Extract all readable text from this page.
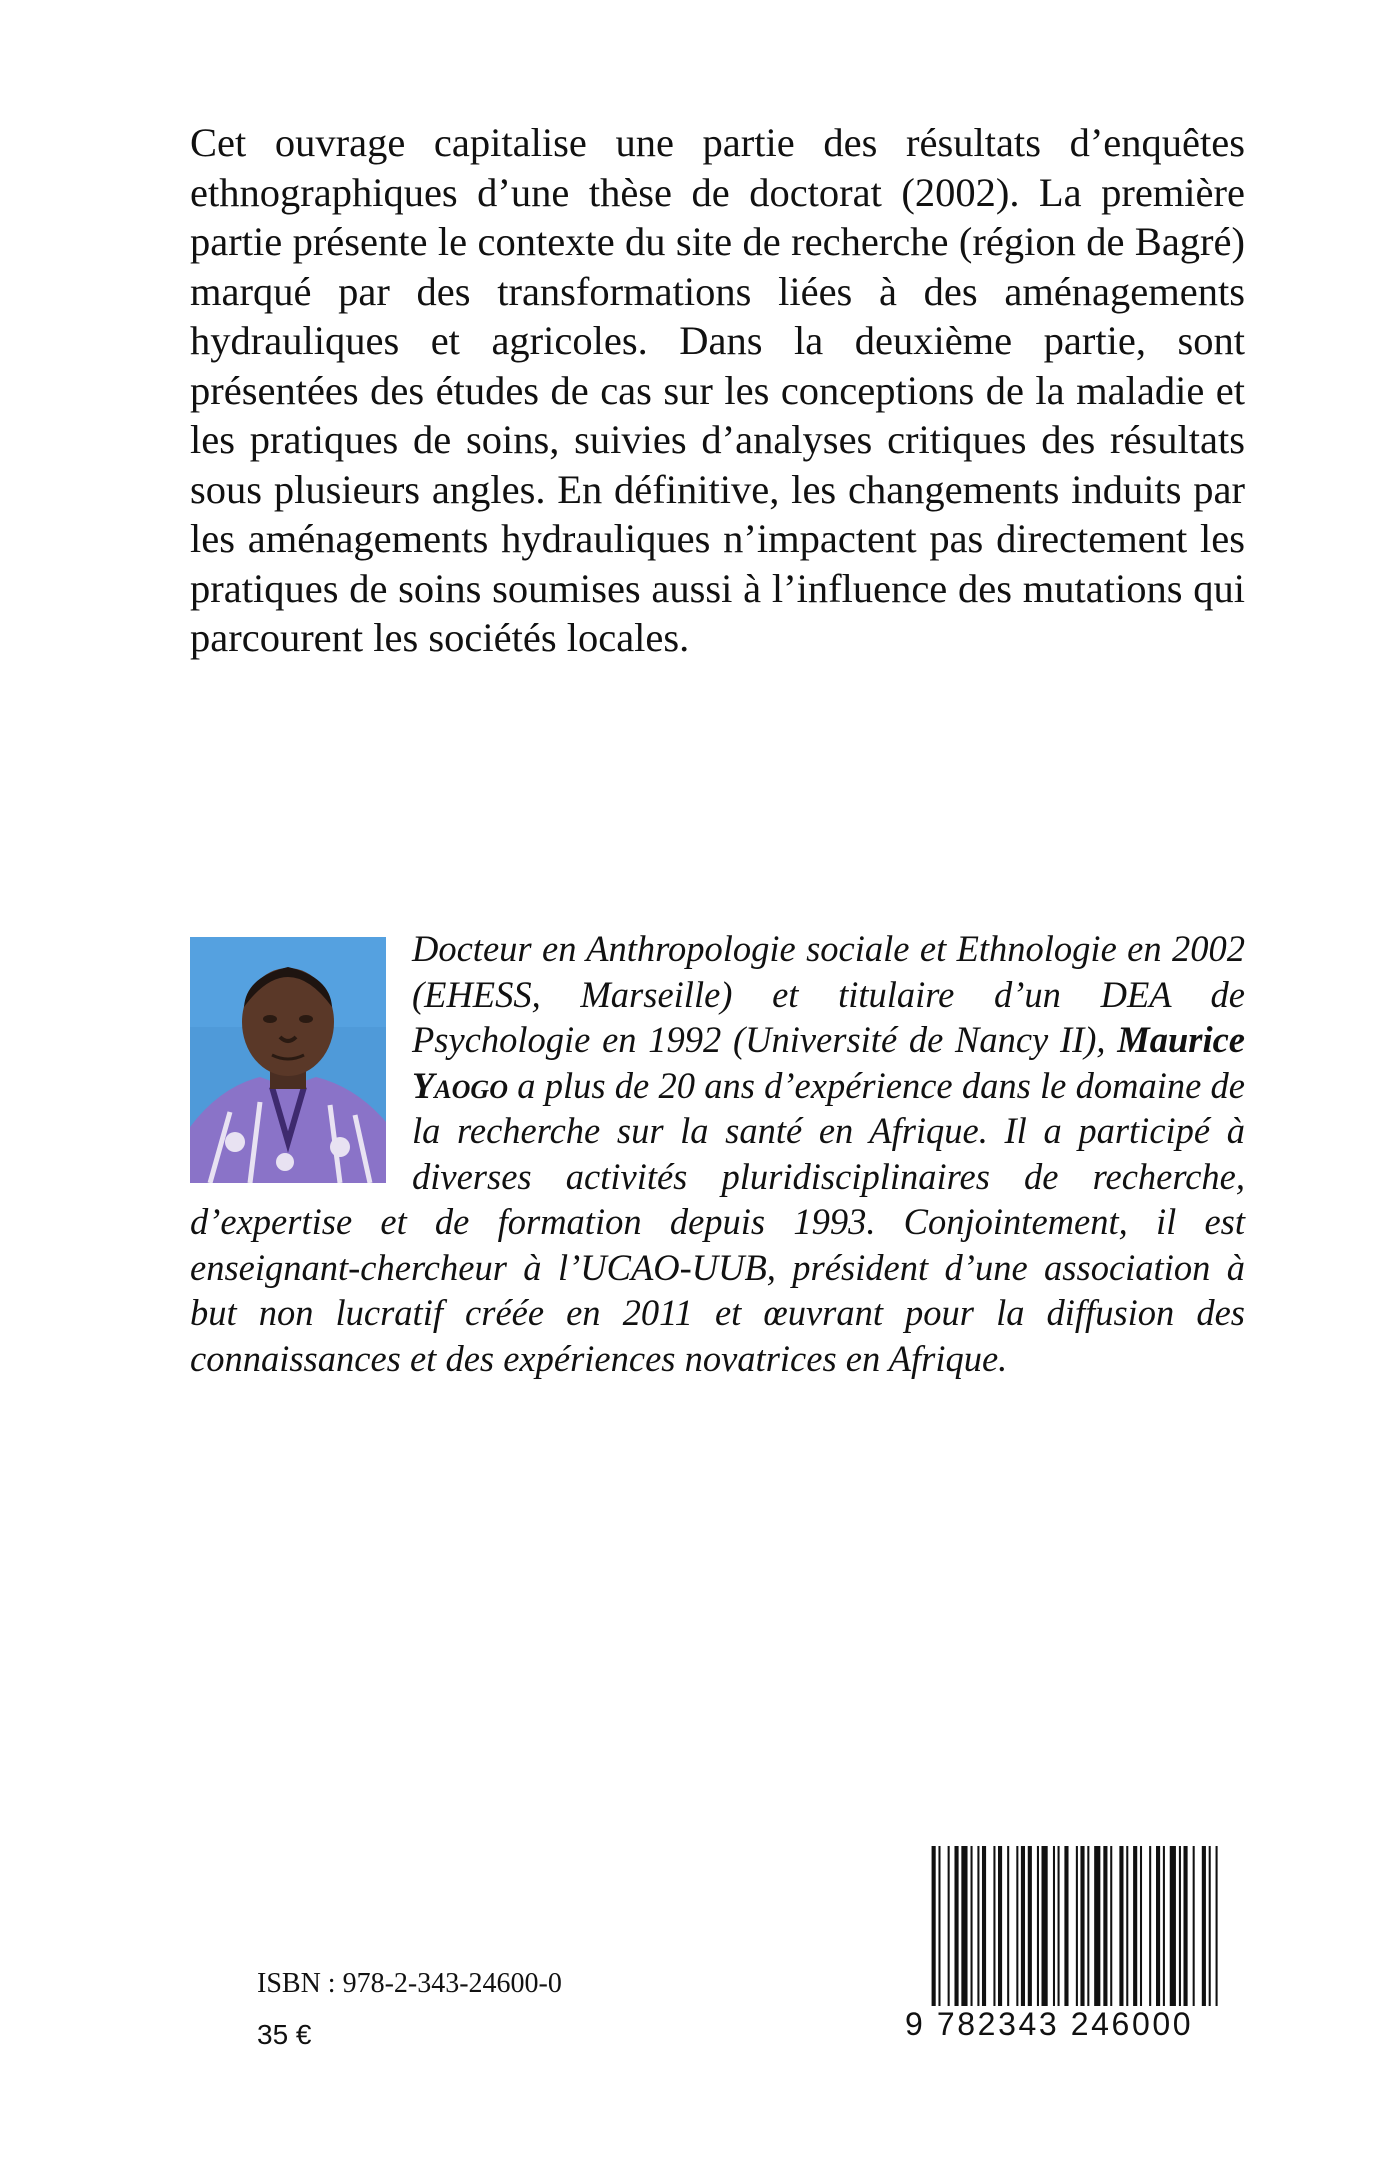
Cet ouvrage capitalise une partie des résultats d’enquêtes ethnographiques d’une thèse de doctorat (2002). La première partie présente le contexte du site de recherche (région de Bagré) marqué par des transformations liées à des aménagements hydrauliques et agricoles. Dans la deuxième partie, sont présentées des études de cas sur les conceptions de la maladie et les pratiques de soins, suivies d’analyses critiques des résultats sous plusieurs angles. En définitive, les changements induits par les aménagements hydrauliques n’impactent pas directement les pratiques de soins soumises aussi à l’influence des mutations qui parcourent les sociétés locales.

Docteur en Anthropologie sociale et Ethnologie en 2002 (EHESS, Marseille) et titulaire d’un DEA de Psychologie en 1992 (Université de Nancy II), Maurice Yaogo a plus de 20 ans d’expérience dans le domaine de la recherche sur la santé en Afrique. Il a participé à diverses activités pluridisciplinaires de recherche, d’expertise et de formation depuis 1993. Conjointement, il est enseignant-chercheur à l’UCAO-UUB, président d’une association à but non lucratif créée en 2011 et œuvrant pour la diffusion des connaissances et des expériences novatrices en Afrique.

ISBN : 978-2-343-24600-0
35 €	9 782343 246000
